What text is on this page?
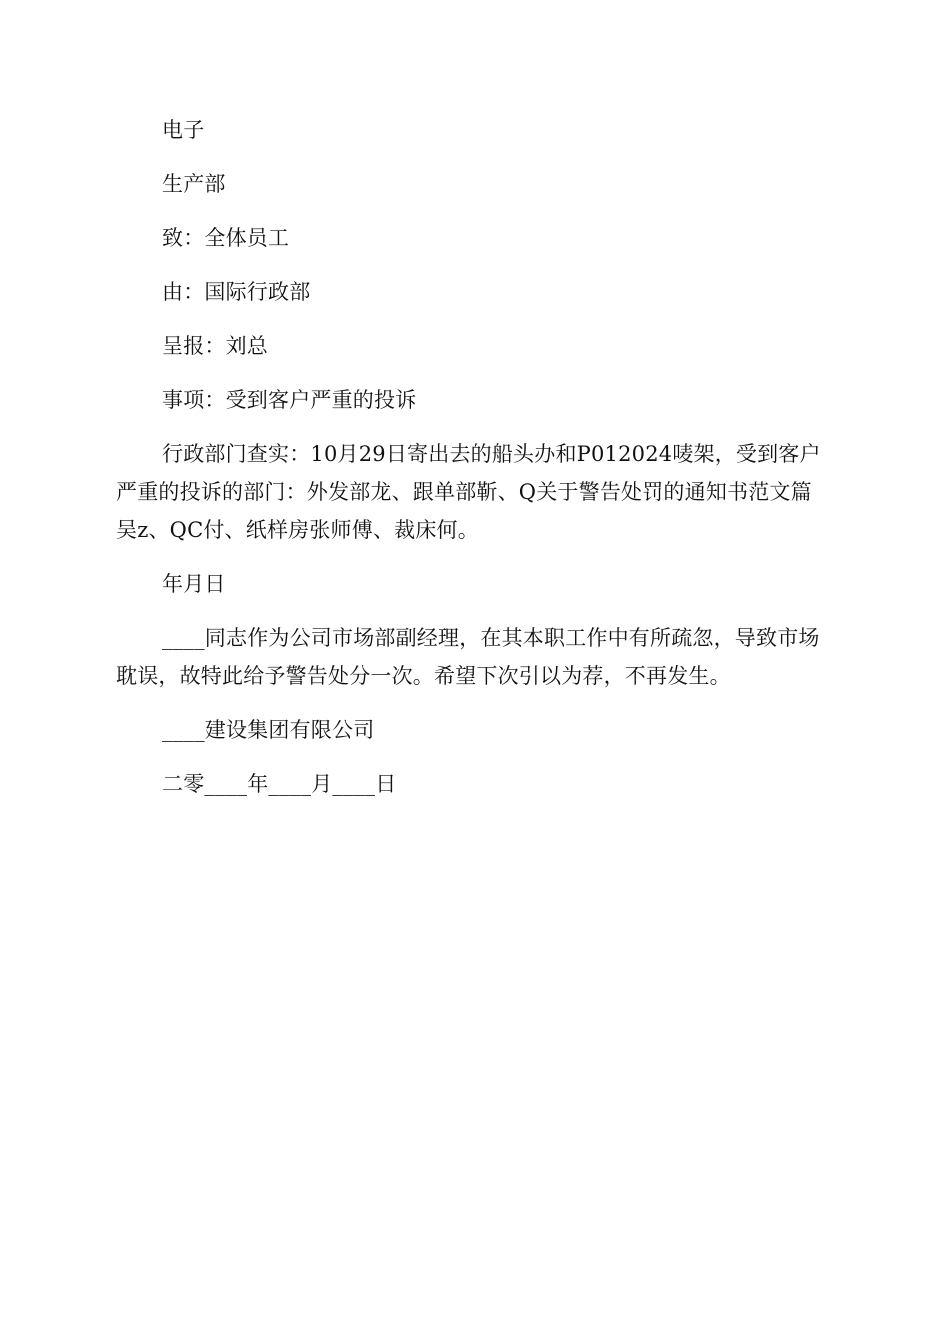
电子

生产部

致：全体员工

由：国际行政部

呈报：刘总

事项：受到客户严重的投诉

行政部门查实：10月29日寄出去的船头办和P012024唛架，受到客户严重的投诉的部门：外发部龙、跟单部靳、Q关于警告处罚的通知书范文篇吴z、QC付、纸样房张师傅、裁床何。

年月日

____同志作为公司市场部副经理，在其本职工作中有所疏忽，导致市场耽误，故特此给予警告处分一次。希望下次引以为荐，不再发生。

____建设集团有限公司

二零____年____月____日
